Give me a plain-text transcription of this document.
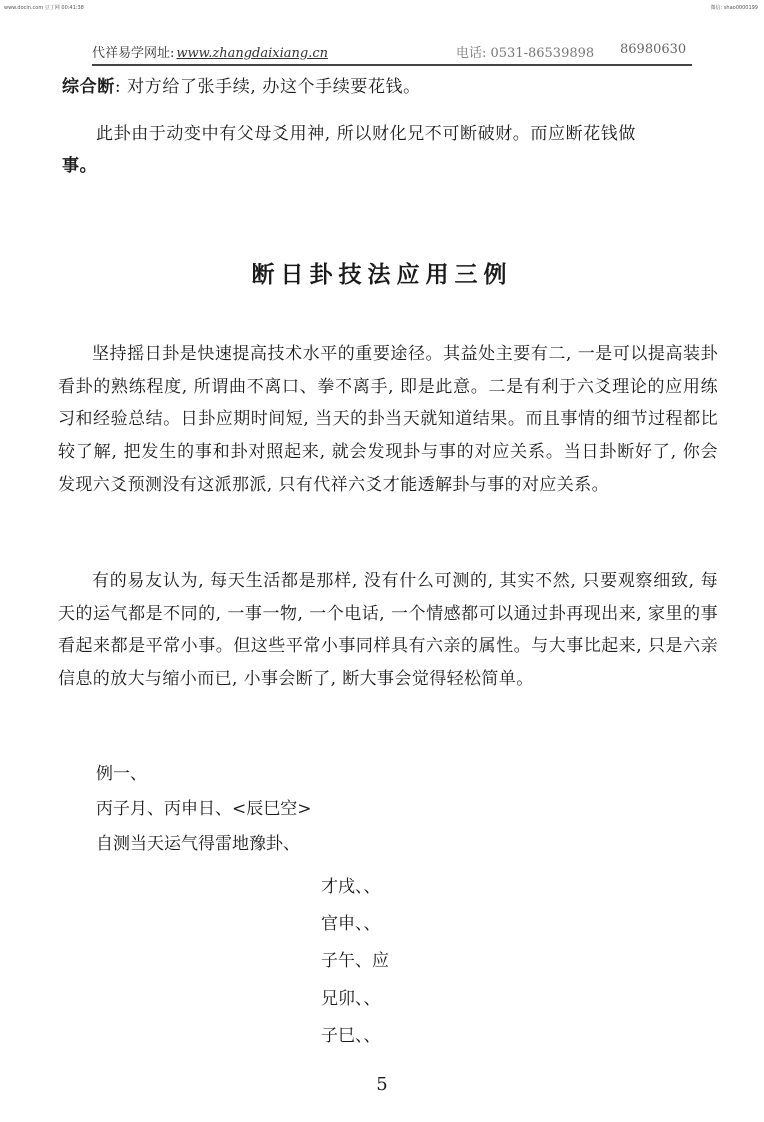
www.docin.com 豆丁网 00:41:38	微信: shao0000199
代祥易学网址: www.zhangdaixiang.cn	电话: 0531-86539898 86980630
综合断: 对方给了张手续, 办这个手续要花钱。
此卦由于动变中有父母爻用神, 所以财化兄不可断破财。而应断花钱做
事。
断日卦技法应用三例

坚持摇日卦是快速提高技术水平的重要途径。其益处主要有二, 一是可以提高装卦看卦的熟练程度, 所谓曲不离口、拳不离手, 即是此意。二是有利于六爻理论的应用练习和经验总结。日卦应期时间短, 当天的卦当天就知道结果。而且事情的细节过程都比较了解, 把发生的事和卦对照起来, 就会发现卦与事的对应关系。当日卦断好了, 你会发现六爻预测没有这派那派, 只有代祥六爻才能透解卦与事的对应关系。

有的易友认为, 每天生活都是那样, 没有什么可测的, 其实不然, 只要观察细致, 每天的运气都是不同的, 一事一物, 一个电话, 一个情感都可以通过卦再现出来, 家里的事看起来都是平常小事。但这些平常小事同样具有六亲的属性。与大事比起来, 只是六亲信息的放大与缩小而已, 小事会断了, 断大事会觉得轻松简单。

例一、
丙子月、丙申日、<辰巳空>
自测当天运气得雷地豫卦、
才戌、、
官申、、
子午、应
兄卯、、
子巳、、
5
